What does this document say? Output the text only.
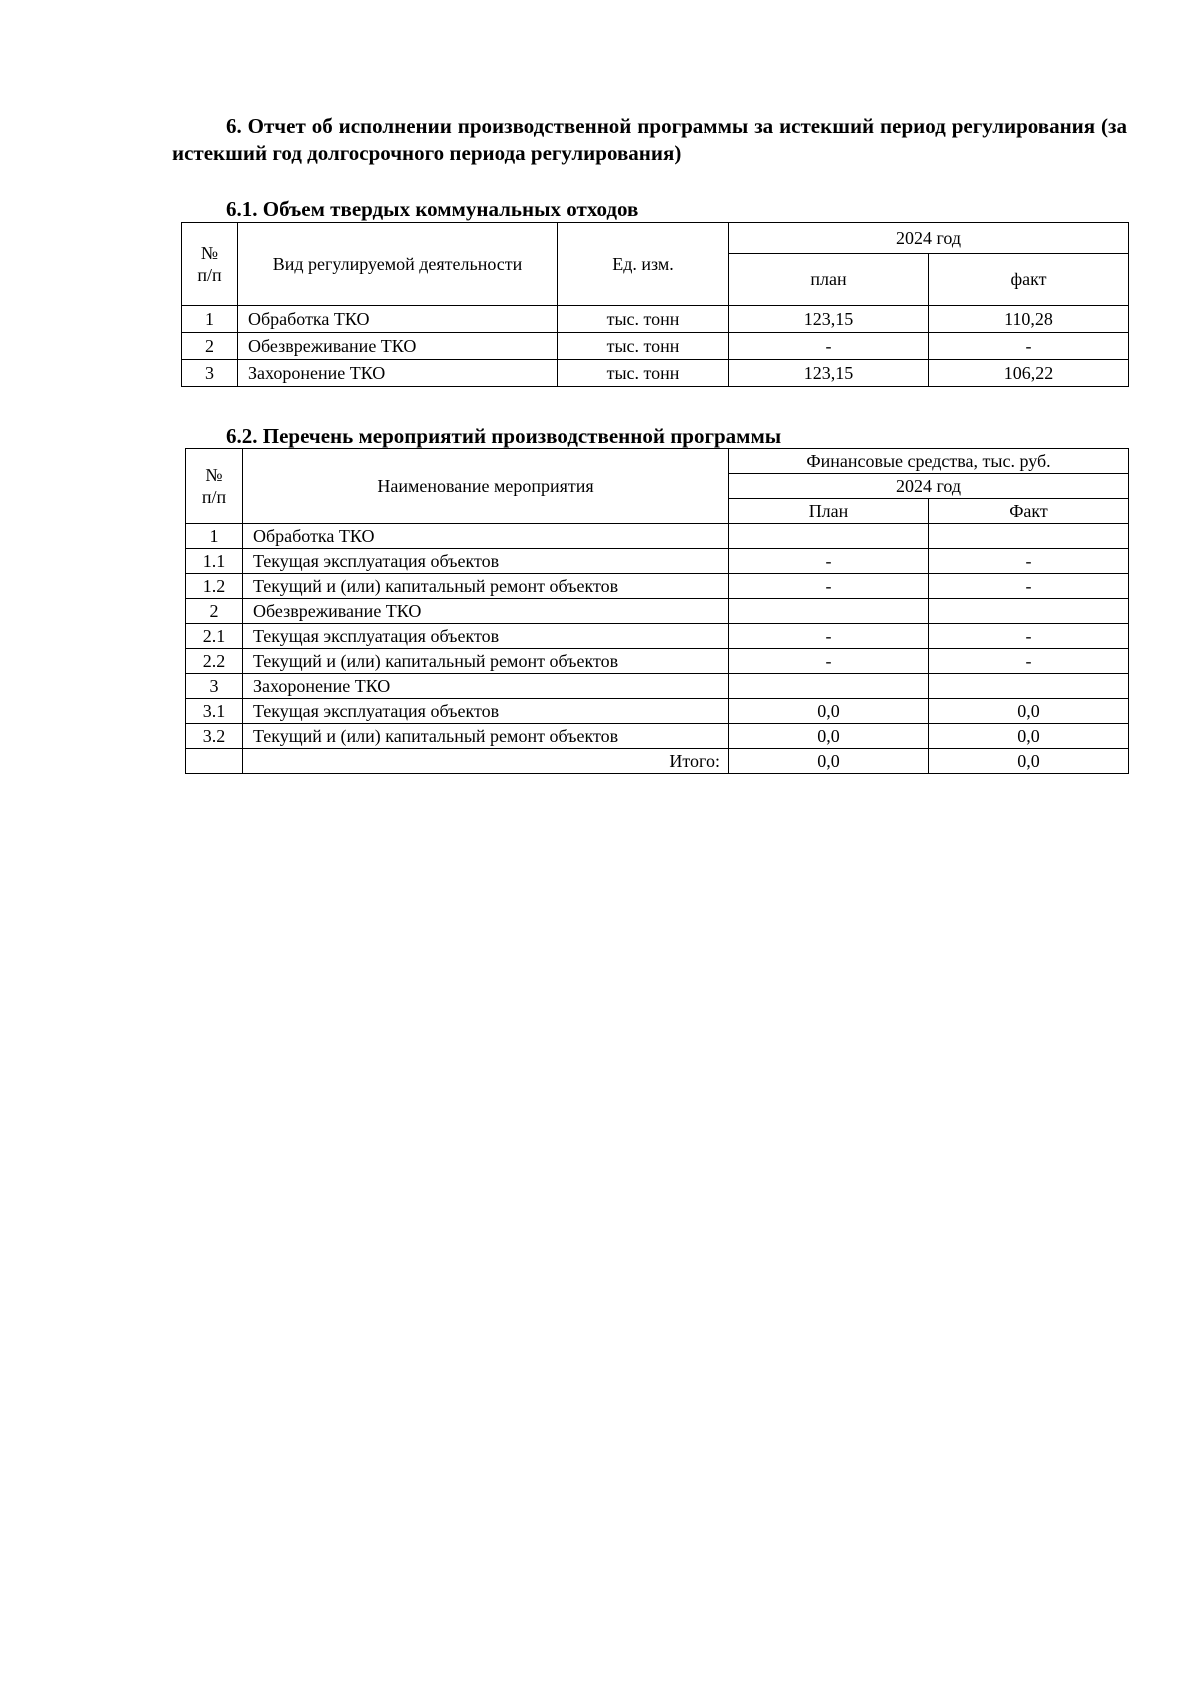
6. Отчет об исполнении производственной программы за истекший период регулирования (за истекший год долгосрочного периода регулирования)
6.1. Объем твердых коммунальных отходов
№
п/п	Вид регулируемой деятельности	Ед. изм.	2024 год	
			план	факт
1	Обработка ТКО	тыс. тонн	123,15	110,28
2	Обезвреживание ТКО	тыс. тонн	-	-
3	Захоронение ТКО	тыс. тонн	123,15	106,22
6.2. Перечень мероприятий производственной программы
№
п/п	Наименование мероприятия	Финансовые средства, тыс. руб.	
		2024 год	
		План	Факт
1	Обработка ТКО		
1.1	Текущая эксплуатация объектов	-	-
1.2	Текущий и (или) капитальный ремонт объектов	-	-
2	Обезвреживание ТКО		
2.1	Текущая эксплуатация объектов	-	-
2.2	Текущий и (или) капитальный ремонт объектов	-	-
3	Захоронение ТКО		
3.1	Текущая эксплуатация объектов	0,0	0,0
3.2	Текущий и (или) капитальный ремонт объектов	0,0	0,0
	Итого:	0,0	0,0
